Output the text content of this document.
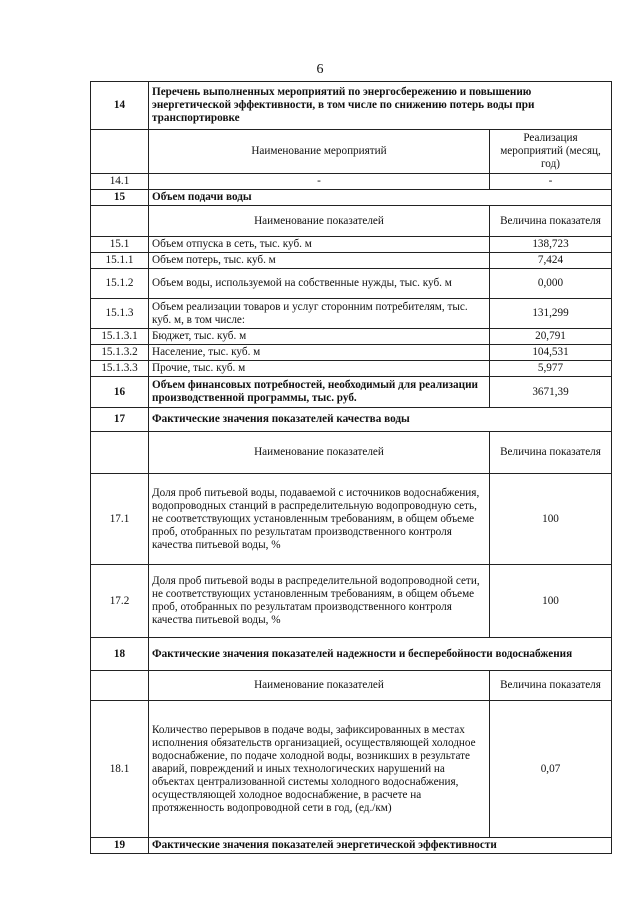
6
14	Перечень выполненных мероприятий по энергосбережению и повышению энергетической эффективности, в том числе по снижению потерь воды при транспортировке	
	Наименование мероприятий	Реализация мероприятий (месяц, год)
14.1	-	-
15	Объем подачи воды	
	Наименование показателей	Величина показателя
15.1	Объем отпуска в сеть, тыс. куб. м	138,723
15.1.1	Объем потерь, тыс. куб. м	7,424
15.1.2	Объем воды, используемой на собственные нужды, тыс. куб. м	0,000
15.1.3	Объем реализации товаров и услуг сторонним потребителям, тыс. куб. м, в том числе:	131,299
15.1.3.1	Бюджет, тыс. куб. м	20,791
15.1.3.2	Население, тыс. куб. м	104,531
15.1.3.3	Прочие, тыс. куб. м	5,977
16	Объем финансовых потребностей, необходимый для реализации производственной программы, тыс. руб.	3671,39
17	Фактические значения показателей качества воды	
	Наименование показателей	Величина показателя
17.1	Доля проб питьевой воды, подаваемой с источников водоснабжения, водопроводных станций в распределительную водопроводную сеть, не соответствующих установленным требованиям, в общем объеме проб, отобранных по результатам производственного контроля качества питьевой воды, %	100
17.2	Доля проб питьевой воды в распределительной водопроводной сети, не соответствующих установленным требованиям, в общем объеме проб, отобранных по результатам производственного контроля качества питьевой воды, %	100
18	Фактические значения показателей надежности и бесперебойности водоснабжения	
	Наименование показателей	Величина показателя
18.1	Количество перерывов в подаче воды, зафиксированных в местах исполнения обязательств организацией, осуществляющей холодное водоснабжение, по подаче холодной воды, возникших в результате аварий, повреждений и иных технологических нарушений на объектах централизованной системы холодного водоснабжения, осуществляющей холодное водоснабжение, в расчете на протяженность водопроводной сети в год, (ед./км)	0,07
19	Фактические значения показателей энергетической эффективности	
